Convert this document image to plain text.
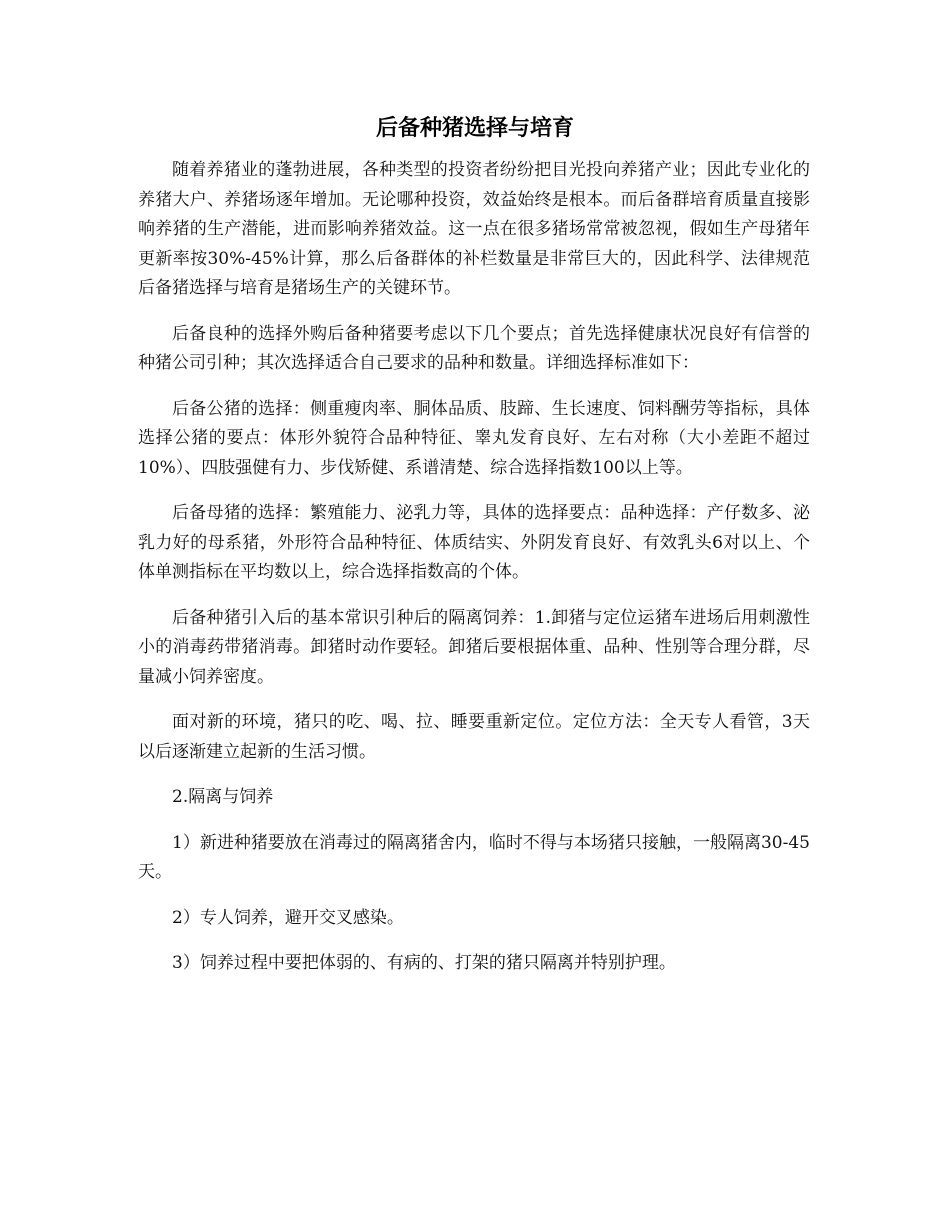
后备种猪选择与培育

随着养猪业的蓬勃进展，各种类型的投资者纷纷把目光投向养猪产业；因此专业化的养猪大户、养猪场逐年增加。无论哪种投资，效益始终是根本。而后备群培育质量直接影响养猪的生产潜能，进而影响养猪效益。这一点在很多猪场常常被忽视，假如生产母猪年更新率按30%-45%计算，那么后备群体的补栏数量是非常巨大的，因此科学、法律规范后备猪选择与培育是猪场生产的关键环节。

后备良种的选择外购后备种猪要考虑以下几个要点；首先选择健康状况良好有信誉的种猪公司引种；其次选择适合自己要求的品种和数量。详细选择标准如下：

后备公猪的选择：侧重瘦肉率、胴体品质、肢蹄、生长速度、饲料酬劳等指标，具体选择公猪的要点：体形外貌符合品种特征、睾丸发育良好、左右对称（大小差距不超过10%）、四肢强健有力、步伐矫健、系谱清楚、综合选择指数100以上等。

后备母猪的选择：繁殖能力、泌乳力等，具体的选择要点：品种选择：产仔数多、泌乳力好的母系猪，外形符合品种特征、体质结实、外阴发育良好、有效乳头6对以上、个体单测指标在平均数以上，综合选择指数高的个体。

后备种猪引入后的基本常识引种后的隔离饲养：1.卸猪与定位运猪车进场后用刺激性小的消毒药带猪消毒。卸猪时动作要轻。卸猪后要根据体重、品种、性别等合理分群，尽量减小饲养密度。

面对新的环境，猪只的吃、喝、拉、睡要重新定位。定位方法：全天专人看管，3天以后逐渐建立起新的生活习惯。

2.隔离与饲养

1）新进种猪要放在消毒过的隔离猪舍内，临时不得与本场猪只接触，一般隔离30-45天。

2）专人饲养，避开交叉感染。

3）饲养过程中要把体弱的、有病的、打架的猪只隔离并特别护理。
